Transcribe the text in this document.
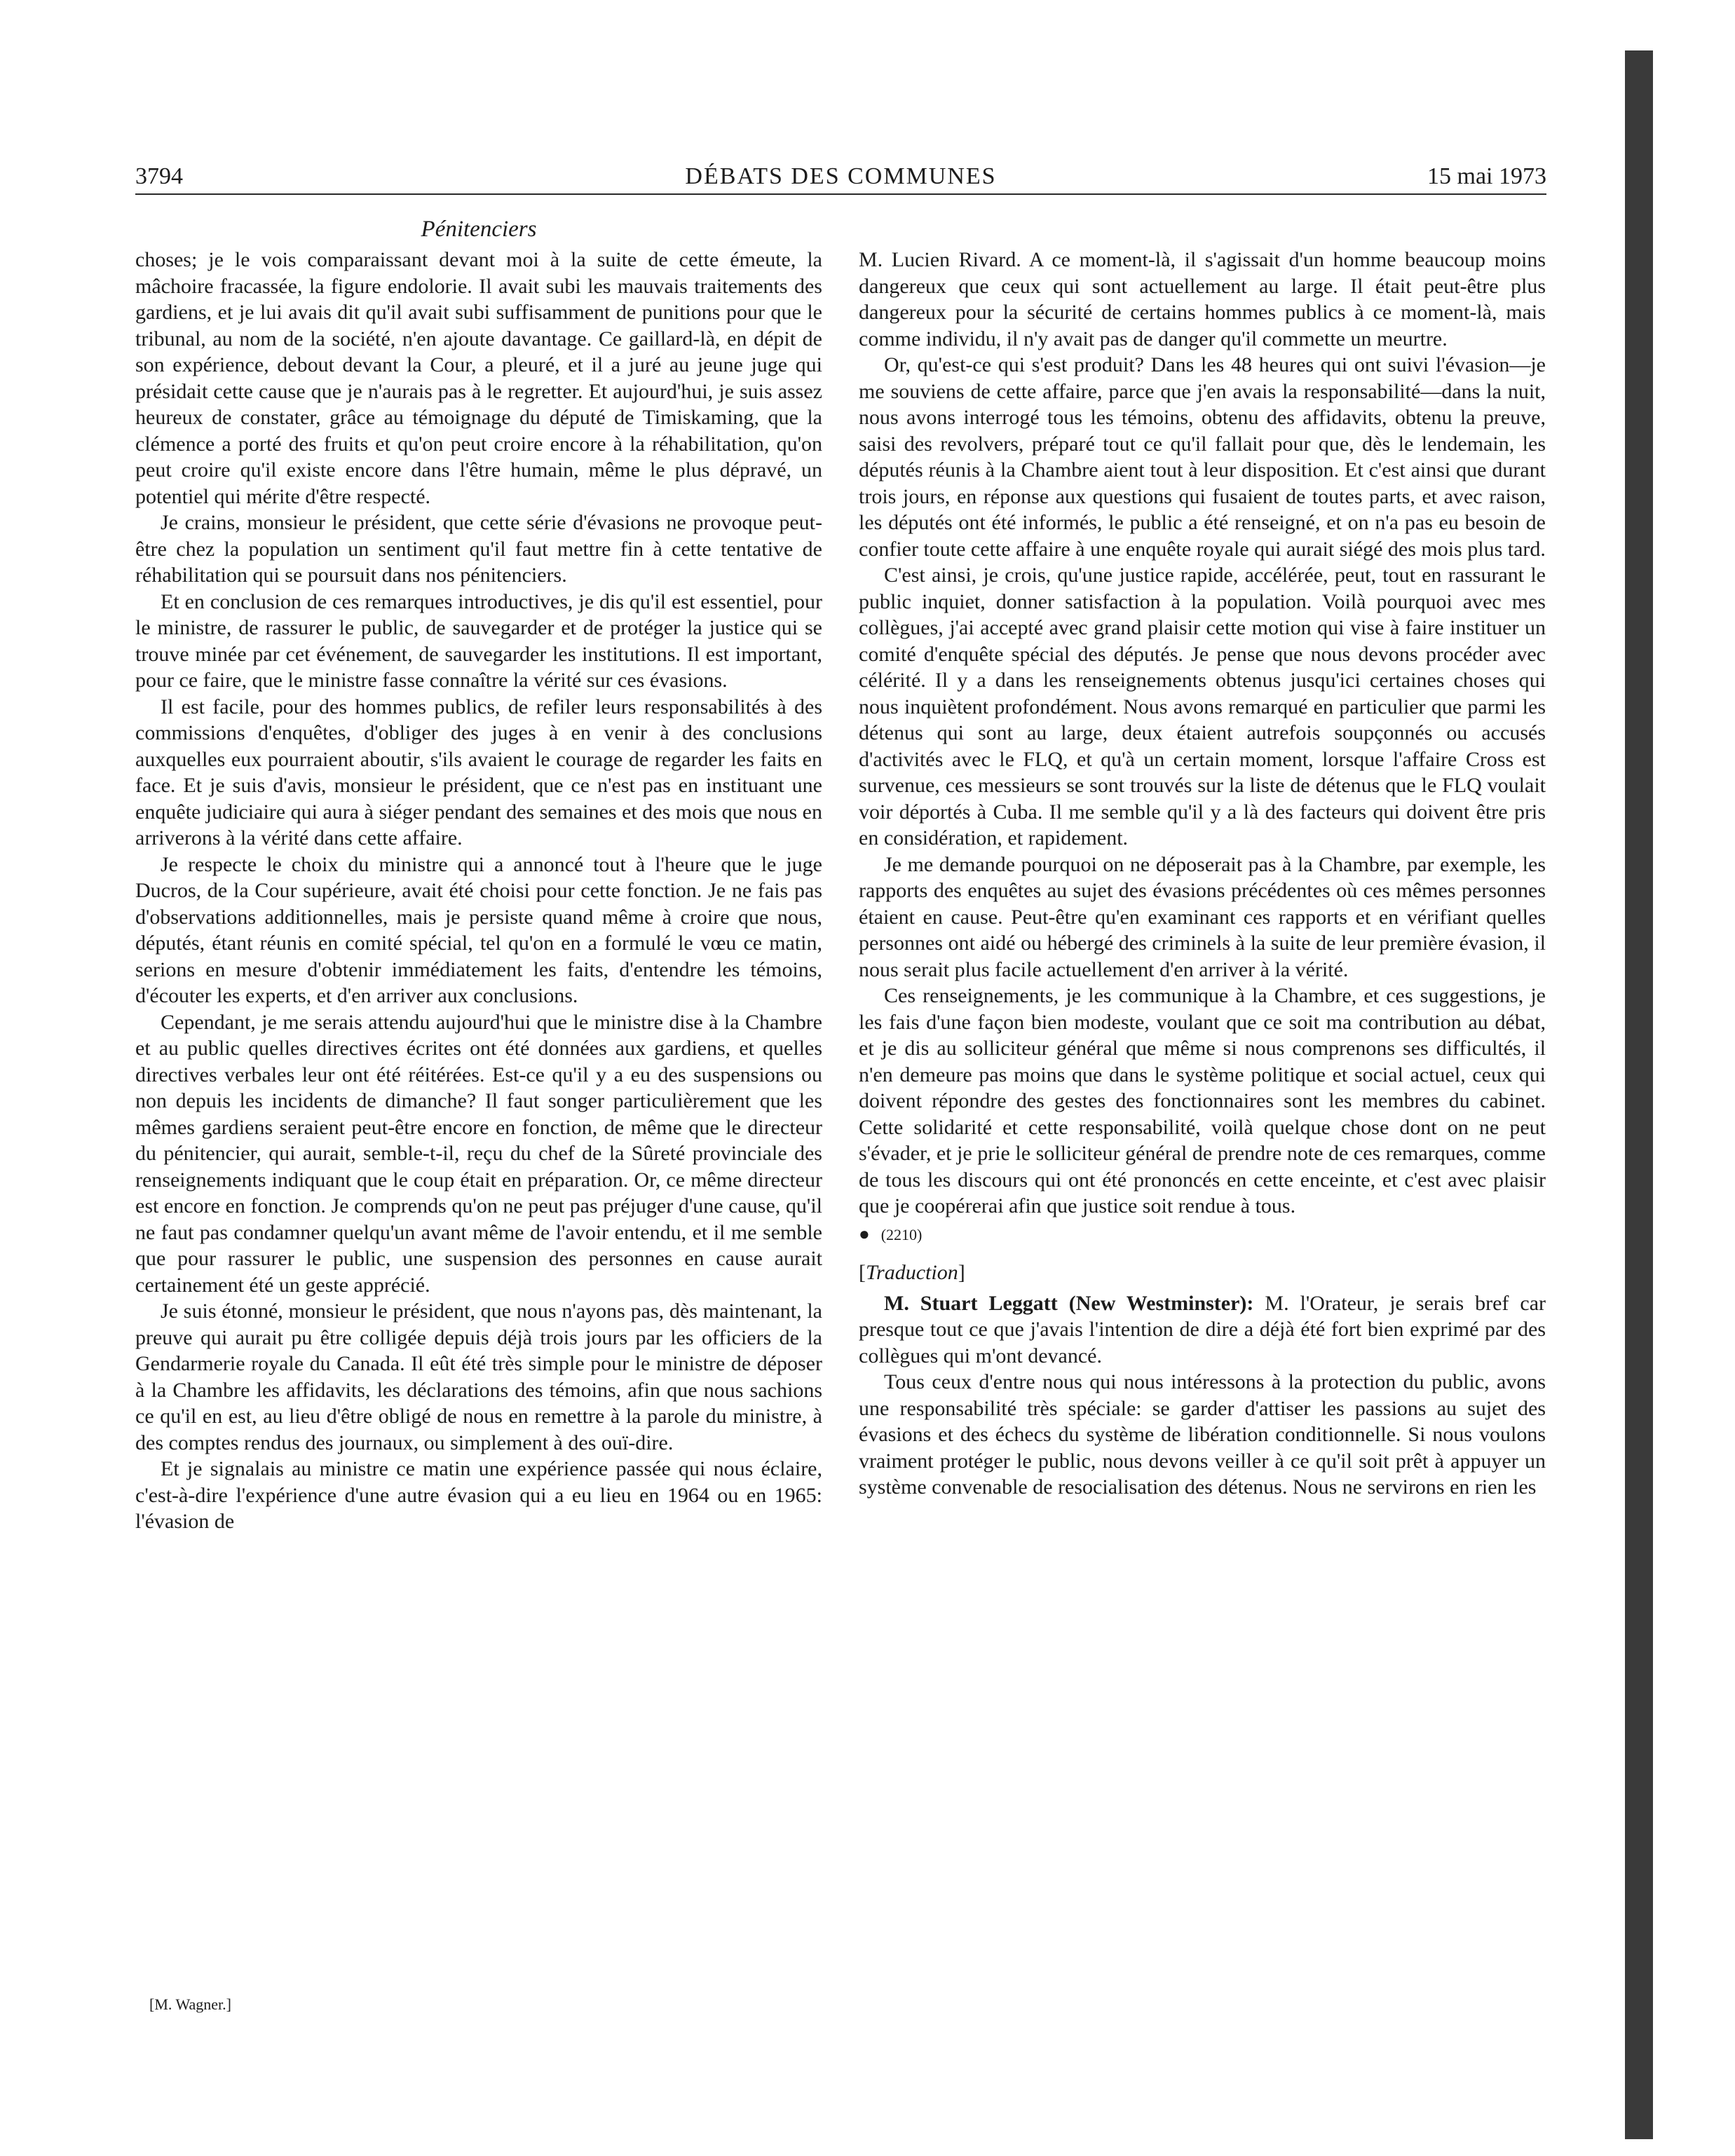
3794	DÉBATS DES COMMUNES	15 mai 1973
Pénitenciers

choses; je le vois comparaissant devant moi à la suite de cette émeute, la mâchoire fracassée, la figure endolorie. Il avait subi les mauvais traitements des gardiens, et je lui avais dit qu'il avait subi suffisamment de punitions pour que le tribunal, au nom de la société, n'en ajoute davantage. Ce gaillard-là, en dépit de son expérience, debout devant la Cour, a pleuré, et il a juré au jeune juge qui présidait cette cause que je n'aurais pas à le regretter. Et aujourd'hui, je suis assez heureux de constater, grâce au témoignage du député de Timiskaming, que la clémence a porté des fruits et qu'on peut croire encore à la réhabilitation, qu'on peut croire qu'il existe encore dans l'être humain, même le plus dépravé, un potentiel qui mérite d'être respecté.

Je crains, monsieur le président, que cette série d'évasions ne provoque peut-être chez la population un sentiment qu'il faut mettre fin à cette tentative de réhabilitation qui se poursuit dans nos pénitenciers.

Et en conclusion de ces remarques introductives, je dis qu'il est essentiel, pour le ministre, de rassurer le public, de sauvegarder et de protéger la justice qui se trouve minée par cet événement, de sauvegarder les institutions. Il est important, pour ce faire, que le ministre fasse connaître la vérité sur ces évasions.

Il est facile, pour des hommes publics, de refiler leurs responsabilités à des commissions d'enquêtes, d'obliger des juges à en venir à des conclusions auxquelles eux pourraient aboutir, s'ils avaient le courage de regarder les faits en face. Et je suis d'avis, monsieur le président, que ce n'est pas en instituant une enquête judiciaire qui aura à siéger pendant des semaines et des mois que nous en arriverons à la vérité dans cette affaire.

Je respecte le choix du ministre qui a annoncé tout à l'heure que le juge Ducros, de la Cour supérieure, avait été choisi pour cette fonction. Je ne fais pas d'observations additionnelles, mais je persiste quand même à croire que nous, députés, étant réunis en comité spécial, tel qu'on en a formulé le vœu ce matin, serions en mesure d'obtenir immédiatement les faits, d'entendre les témoins, d'écouter les experts, et d'en arriver aux conclusions.

Cependant, je me serais attendu aujourd'hui que le ministre dise à la Chambre et au public quelles directives écrites ont été données aux gardiens, et quelles directives verbales leur ont été réitérées. Est-ce qu'il y a eu des suspensions ou non depuis les incidents de dimanche? Il faut songer particulièrement que les mêmes gardiens seraient peut-être encore en fonction, de même que le directeur du pénitencier, qui aurait, semble-t-il, reçu du chef de la Sûreté provinciale des renseignements indiquant que le coup était en préparation. Or, ce même directeur est encore en fonction. Je comprends qu'on ne peut pas préjuger d'une cause, qu'il ne faut pas condamner quelqu'un avant même de l'avoir entendu, et il me semble que pour rassurer le public, une suspension des personnes en cause aurait certainement été un geste apprécié.

Je suis étonné, monsieur le président, que nous n'ayons pas, dès maintenant, la preuve qui aurait pu être colligée depuis déjà trois jours par les officiers de la Gendarmerie royale du Canada. Il eût été très simple pour le ministre de déposer à la Chambre les affidavits, les déclarations des témoins, afin que nous sachions ce qu'il en est, au lieu d'être obligé de nous en remettre à la parole du ministre, à des comptes rendus des journaux, ou simplement à des ouï-dire.

Et je signalais au ministre ce matin une expérience passée qui nous éclaire, c'est-à-dire l'expérience d'une autre évasion qui a eu lieu en 1964 ou en 1965: l'évasion de

M. Lucien Rivard. A ce moment-là, il s'agissait d'un homme beaucoup moins dangereux que ceux qui sont actuellement au large. Il était peut-être plus dangereux pour la sécurité de certains hommes publics à ce moment-là, mais comme individu, il n'y avait pas de danger qu'il commette un meurtre.

Or, qu'est-ce qui s'est produit? Dans les 48 heures qui ont suivi l'évasion—je me souviens de cette affaire, parce que j'en avais la responsabilité—dans la nuit, nous avons interrogé tous les témoins, obtenu des affidavits, obtenu la preuve, saisi des revolvers, préparé tout ce qu'il fallait pour que, dès le lendemain, les députés réunis à la Chambre aient tout à leur disposition. Et c'est ainsi que durant trois jours, en réponse aux questions qui fusaient de toutes parts, et avec raison, les députés ont été informés, le public a été renseigné, et on n'a pas eu besoin de confier toute cette affaire à une enquête royale qui aurait siégé des mois plus tard.

C'est ainsi, je crois, qu'une justice rapide, accélérée, peut, tout en rassurant le public inquiet, donner satisfaction à la population. Voilà pourquoi avec mes collègues, j'ai accepté avec grand plaisir cette motion qui vise à faire instituer un comité d'enquête spécial des députés. Je pense que nous devons procéder avec célérité. Il y a dans les renseignements obtenus jusqu'ici certaines choses qui nous inquiètent profondément. Nous avons remarqué en particulier que parmi les détenus qui sont au large, deux étaient autrefois soupçonnés ou accusés d'activités avec le FLQ, et qu'à un certain moment, lorsque l'affaire Cross est survenue, ces messieurs se sont trouvés sur la liste de détenus que le FLQ voulait voir déportés à Cuba. Il me semble qu'il y a là des facteurs qui doivent être pris en considération, et rapidement.

Je me demande pourquoi on ne déposerait pas à la Chambre, par exemple, les rapports des enquêtes au sujet des évasions précédentes où ces mêmes personnes étaient en cause. Peut-être qu'en examinant ces rapports et en vérifiant quelles personnes ont aidé ou hébergé des criminels à la suite de leur première évasion, il nous serait plus facile actuellement d'en arriver à la vérité.

Ces renseignements, je les communique à la Chambre, et ces suggestions, je les fais d'une façon bien modeste, voulant que ce soit ma contribution au débat, et je dis au solliciteur général que même si nous comprenons ses difficultés, il n'en demeure pas moins que dans le système politique et social actuel, ceux qui doivent répondre des gestes des fonctionnaires sont les membres du cabinet. Cette solidarité et cette responsabilité, voilà quelque chose dont on ne peut s'évader, et je prie le solliciteur général de prendre note de ces remarques, comme de tous les discours qui ont été prononcés en cette enceinte, et c'est avec plaisir que je coopérerai afin que justice soit rendue à tous.

● (2210)
[Traduction]

M. Stuart Leggatt (New Westminster): M. l'Orateur, je serais bref car presque tout ce que j'avais l'intention de dire a déjà été fort bien exprimé par des collègues qui m'ont devancé.

Tous ceux d'entre nous qui nous intéressons à la protection du public, avons une responsabilité très spéciale: se garder d'attiser les passions au sujet des évasions et des échecs du système de libération conditionnelle. Si nous voulons vraiment protéger le public, nous devons veiller à ce qu'il soit prêt à appuyer un système convenable de resocialisation des détenus. Nous ne servirons en rien les

[M. Wagner.]
